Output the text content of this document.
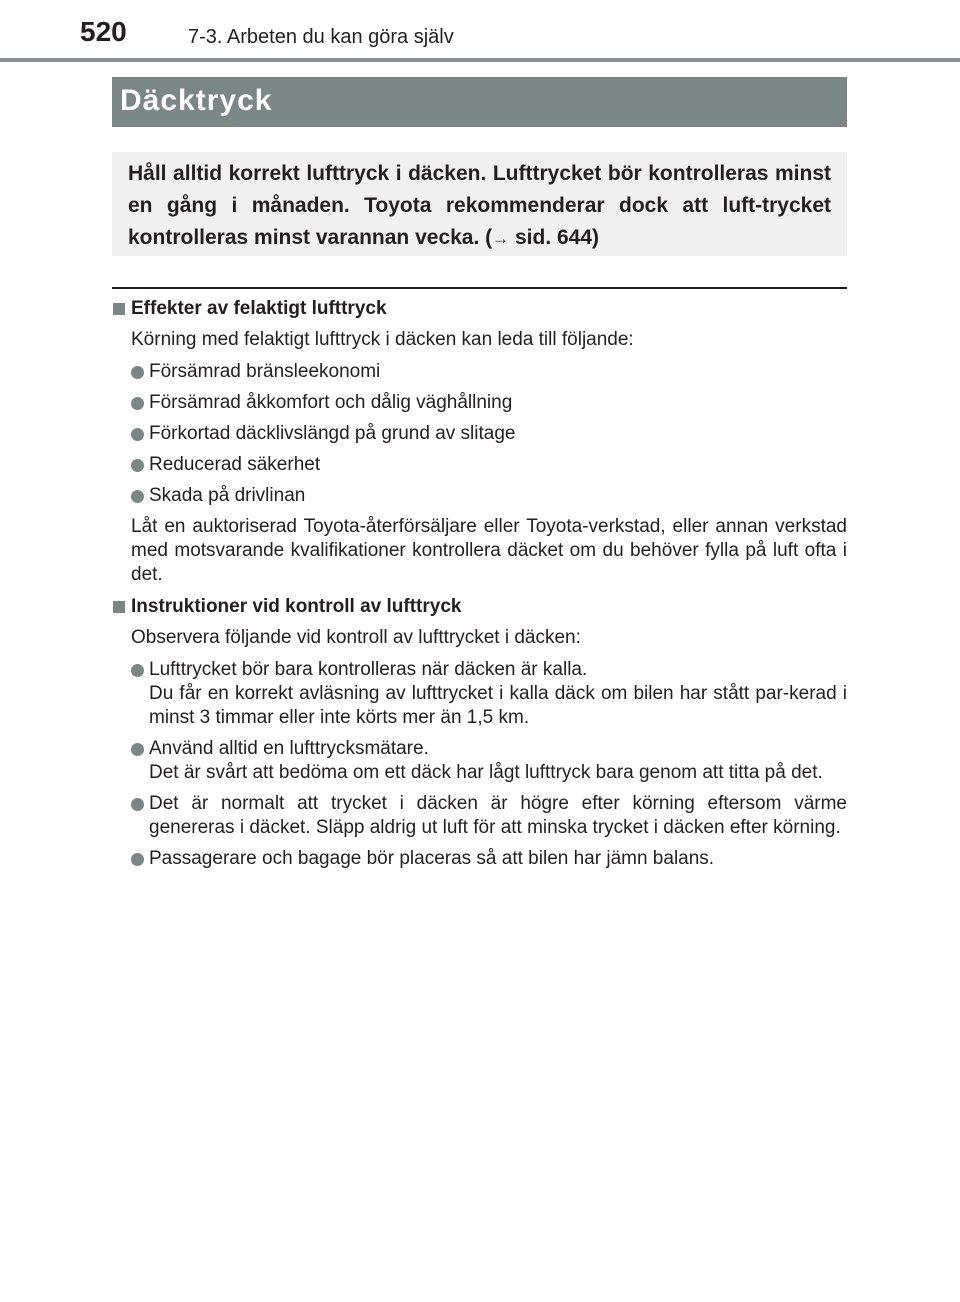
520	7-3. Arbeten du kan göra själv
Däcktryck

Håll alltid korrekt lufttryck i däcken. Lufttrycket bör kontrolleras minst en gång i månaden. Toyota rekommenderar dock att luft-trycket kontrolleras minst varannan vecka. (→ sid. 644)

Effekter av felaktigt lufttryck
Körning med felaktigt lufttryck i däcken kan leda till följande:
Försämrad bränsleekonomi
Försämrad åkkomfort och dålig väghållning
Förkortad däcklivslängd på grund av slitage
Reducerad säkerhet
Skada på drivlinan
Låt en auktoriserad Toyota-återförsäljare eller Toyota-verkstad, eller annan verkstad med motsvarande kvalifikationer kontrollera däcket om du behöver fylla på luft ofta i det.
Instruktioner vid kontroll av lufttryck
Observera följande vid kontroll av lufttrycket i däcken:
Lufttrycket bör bara kontrolleras när däcken är kalla.
Du får en korrekt avläsning av lufttrycket i kalla däck om bilen har stått par-kerad i minst 3 timmar eller inte körts mer än 1,5 km.
Använd alltid en lufttrycksmätare.
Det är svårt att bedöma om ett däck har lågt lufttryck bara genom att titta på det.
Det är normalt att trycket i däcken är högre efter körning eftersom värme genereras i däcket. Släpp aldrig ut luft för att minska trycket i däcken efter körning.
Passagerare och bagage bör placeras så att bilen har jämn balans.
